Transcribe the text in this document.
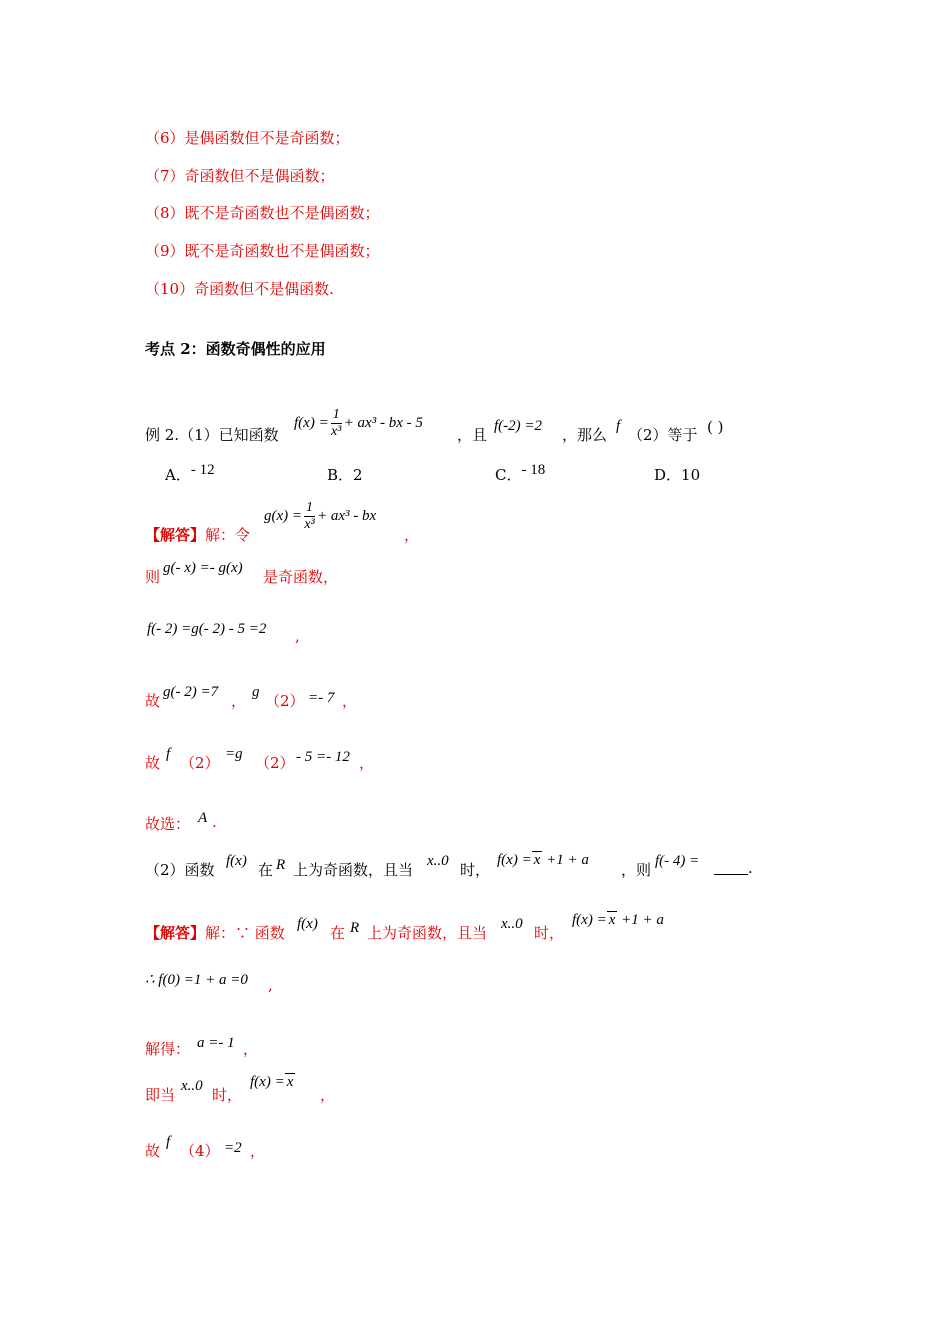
（6）是偶函数但不是奇函数；
（7）奇函数但不是偶函数；
（8）既不是奇函数也不是偶函数；
（9）既不是奇函数也不是偶函数；
（10）奇函数但不是偶函数.
考点 2：函数奇偶性的应用
例 2.（1）已知函数
$f(x) = \frac{1}{\text{x³}} + ax^3$ - bx - 5
，且 f(-2) =2 ，那么 f （2）等于 ( )
A．- 12	B．2	C．- 18	D．10
【解答】解：令
$g(x) = \frac{1}{\text{x³}} + ax^3$ - bx
，
则 g(- x) =- g(x) 是奇函数，
f(- 2) =g(- 2) - 5 =2 ,
故 g(- 2) =7 ， g （2） =- 7 ，
故 f （2） =g （2） - 5 =- 12 ，
故选： A .
（2）函数 f(x) 在 R 上为奇函数，且当 x..0 时，
f(x) = x +1 + a
，则 f(- 4) =	.
【解答】解：∵ 函数 f(x) 在 R 上为奇函数，且当 x..0 时，
f(x) = x +1 + a
∴ f(0) =1 + a =0 ,
解得： a =- 1 ，
即当 x..0 时，
f(x) = x
，
故 f （4） =2 ，
